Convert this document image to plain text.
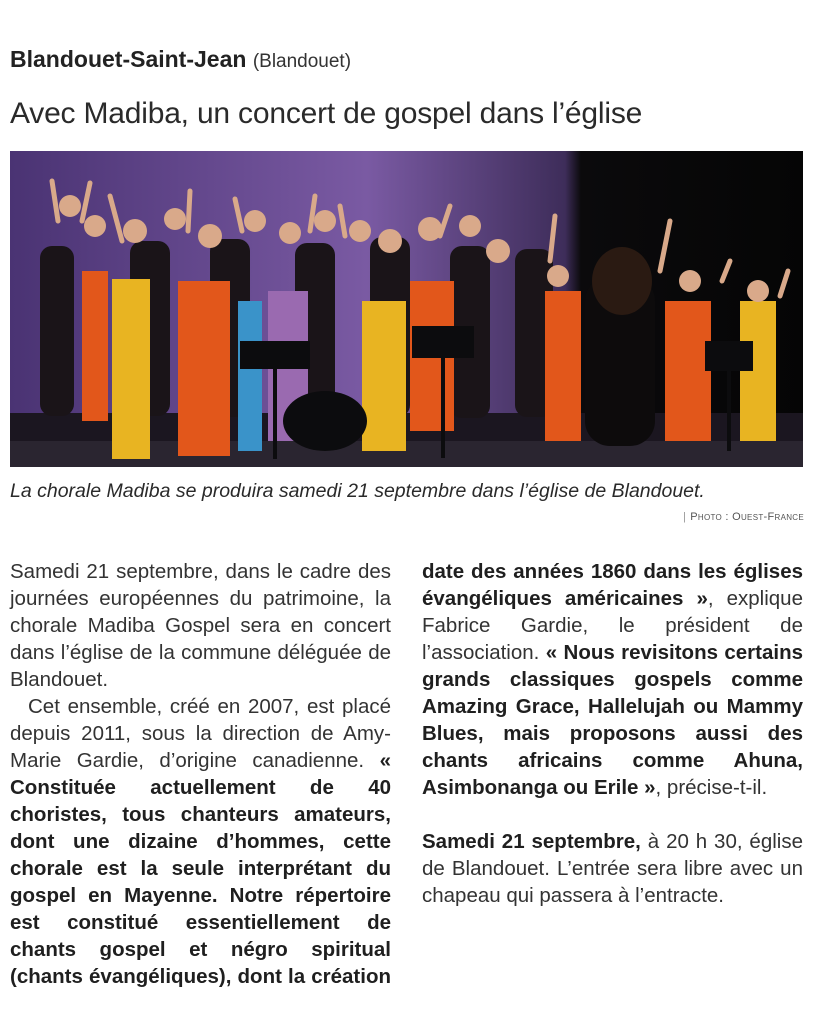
Blandouet-Saint-Jean (Blandouet)
Avec Madiba, un concert de gospel dans l’église
La chorale Madiba se produira samedi 21 septembre dans l’église de Blandouet.
| Photo : Ouest-France

Samedi 21 septembre, dans le cadre des journées européennes du patrimoine, la chorale Madiba Gospel sera en concert dans l’église de la commune déléguée de Blandouet.

Cet ensemble, créé en 2007, est placé depuis 2011, sous la direction de Amy-Marie Gardie, d’origine canadienne. « Constituée actuellement de 40 choristes, tous chanteurs amateurs, dont une dizaine d’hommes, cette chorale est la seule interprétant du gospel en Mayenne. Notre répertoire est constitué essentiellement de chants gospel et négro spiritual (chants évangéliques), dont la création date des années 1860 dans les églises évangéliques américaines », explique Fabrice Gardie, le président de l’association. « Nous revisitons certains grands classiques gospels comme Amazing Grace, Hallelujah ou Mammy Blues, mais proposons aussi des chants africains comme Ahuna, Asimbonanga ou Erile », précise-t-il.

Samedi 21 septembre, à 20 h 30, église de Blandouet. L’entrée sera libre avec un chapeau qui passera à l’entracte.
